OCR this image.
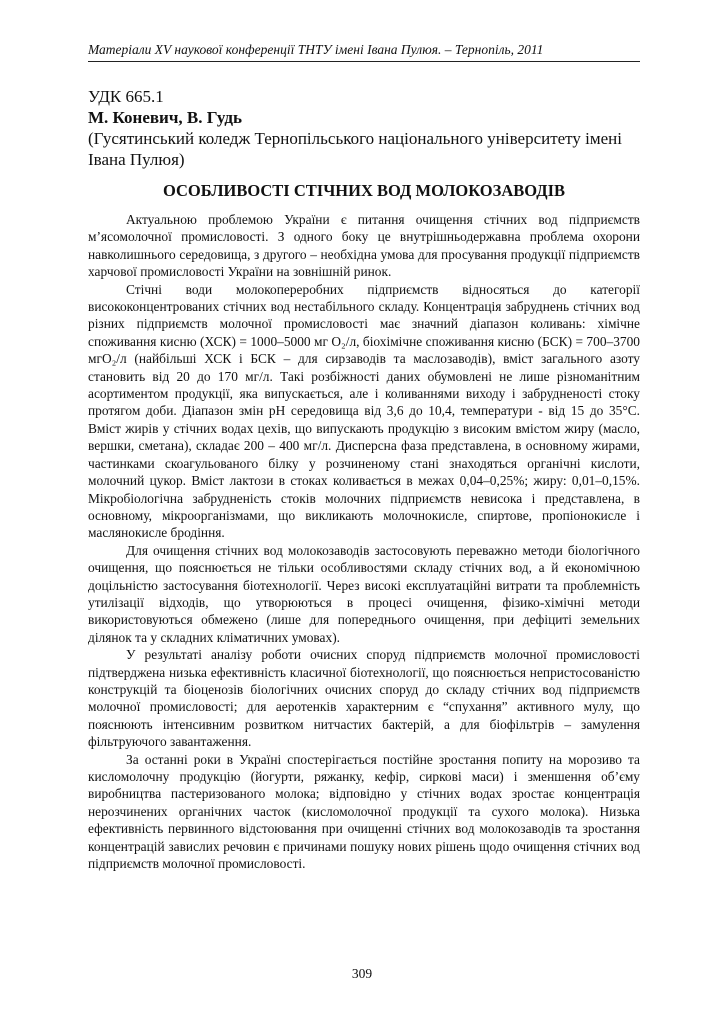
Матеріали XV наукової конференції ТНТУ імені Івана Пулюя. – Тернопіль, 2011
УДК 665.1
М. Коневич, В. Гудь
(Гусятинський коледж Тернопільського національного університету імені Івана Пулюя)
ОСОБЛИВОСТІ СТІЧНИХ ВОД МОЛОКОЗАВОДІВ

Актуальною проблемою України є питання очищення стічних вод підприємств м’ясомолочної промисловості. З одного боку це внутрішньодержавна проблема охорони навколишнього середовища, з другого – необхідна умова для просування продукції підприємств харчової промисловості України на зовнішній ринок.

Стічні води молокопереробних підприємств відносяться до категорії висококонцентрованих стічних вод нестабільного складу. Концентрація забруднень стічних вод різних підприємств молочної промисловості має значний діапазон коливань: хімічне споживання кисню (ХСК) = 1000–5000 мг О₂/л, біохімічне споживання кисню (БСК) = 700–3700 мгО₂/л (найбільші ХСК і БСК – для сирзаводів та маслозаводів), вміст загального азоту становить від 20 до 170 мг/л. Такі розбіжності даних обумовлені не лише різноманітним асортиментом продукції, яка випускається, але і коливаннями виходу і забрудненості стоку протягом доби. Діапазон змін pH середовища від 3,6 до 10,4, температури - від 15 до 35°С. Вміст жирів у стічних водах цехів, що випускають продукцію з високим вмістом жиру (масло, вершки, сметана), складає 200 – 400 мг/л. Дисперсна фаза представлена, в основному жирами, частинками скоагульованого білку у розчиненому стані знаходяться органічні кислоти, молочний цукор. Вміст лактози в стоках коливається в межах 0,04–0,25%; жиру: 0,01–0,15%. Мікробіологічна забрудненість стоків молочних підприємств невисока і представлена, в основному, мікроорганізмами, що викликають молочнокисле, спиртове, пропіонокисле і маслянокисле бродіння.

Для очищення стічних вод молокозаводів застосовують переважно методи біологічного очищення, що пояснюється не тільки особливостями складу стічних вод, а й економічною доцільністю застосування біотехнології. Через високі експлуатаційні витрати та проблемність утилізації відходів, що утворюються в процесі очищення, фізико-хімічні методи використовуються обмежено (лише для попереднього очищення, при дефіциті земельних ділянок та у складних кліматичних умовах).

У результаті аналізу роботи очисних споруд підприємств молочної промисловості підтверджена низька ефективність класичної біотехнології, що пояснюється непристосованістю конструкцій та біоценозів біологічних очисних споруд до складу стічних вод підприємств молочної промисловості; для аеротенків характерним є “спухання” активного мулу, що пояснюють інтенсивним розвитком нитчастих бактерій, а для біофільтрів – замулення фільтруючого завантаження.

За останні роки в Україні спостерігається постійне зростання попиту на морозиво та кисломолочну продукцію (йогурти, ряжанку, кефір, сиркові маси) і зменшення об’єму виробництва пастеризованого молока; відповідно у стічних водах зростає концентрація нерозчинених органічних часток (кисломолочної продукції та сухого молока). Низька ефективність первинного відстоювання при очищенні стічних вод молокозаводів та зростання концентрацій завислих речовин є причинами пошуку нових рішень щодо очищення стічних вод підприємств молочної промисловості.

309
